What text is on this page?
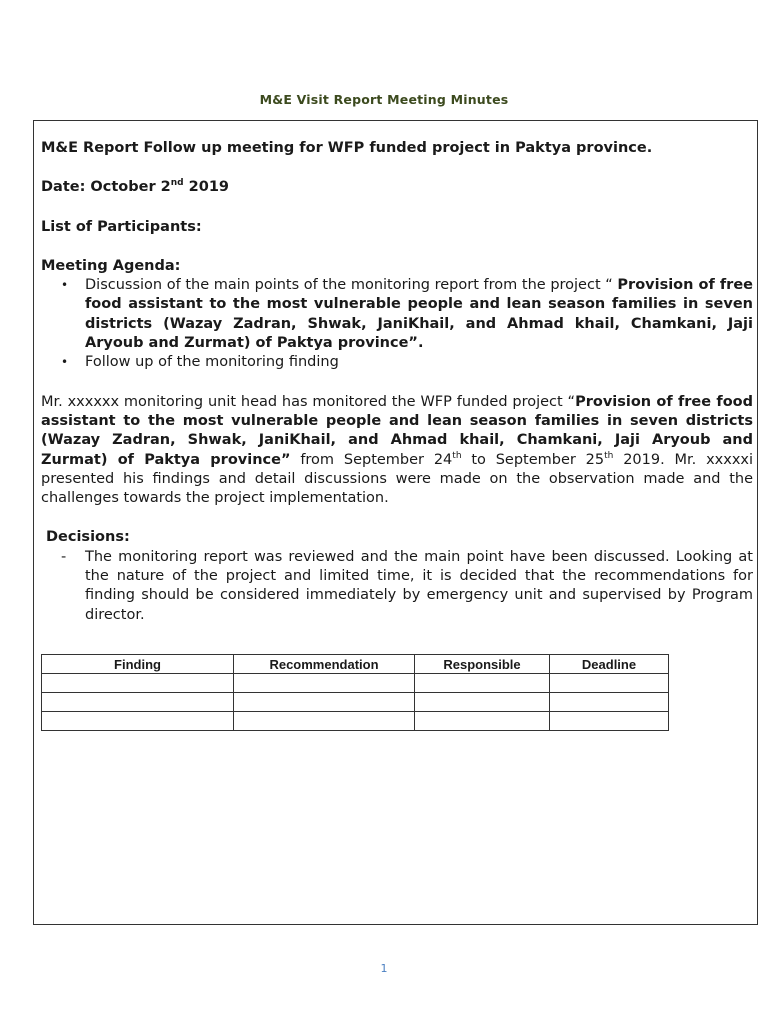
M&E Visit Report Meeting Minutes

M&E Report Follow up meeting for WFP funded project in Paktya province.

Date: October 2nd 2019

List of Participants:

Meeting Agenda:

• Discussion of the main points of the monitoring report from the project “ Provision of free food assistant to the most vulnerable people and lean season families in seven districts (Wazay Zadran, Shwak, JaniKhail, and Ahmad khail, Chamkani, Jaji Aryoub and Zurmat) of Paktya province”.
• Follow up of the monitoring finding

Mr. xxxxxx monitoring unit head has monitored the WFP funded project “Provision of free food assistant to the most vulnerable people and lean season families in seven districts (Wazay Zadran, Shwak, JaniKhail, and Ahmad khail, Chamkani, Jaji Aryoub and Zurmat) of Paktya province” from September 24th to September 25th 2019. Mr. xxxxxi presented his findings and detail discussions were made on the observation made and the challenges towards the project implementation.

Decisions:

- The monitoring report was reviewed and the main point have been discussed. Looking at the nature of the project and limited time, it is decided that the recommendations for finding should be considered immediately by emergency unit and supervised by Program director.
Finding	Recommendation	Responsible	Deadline

1
